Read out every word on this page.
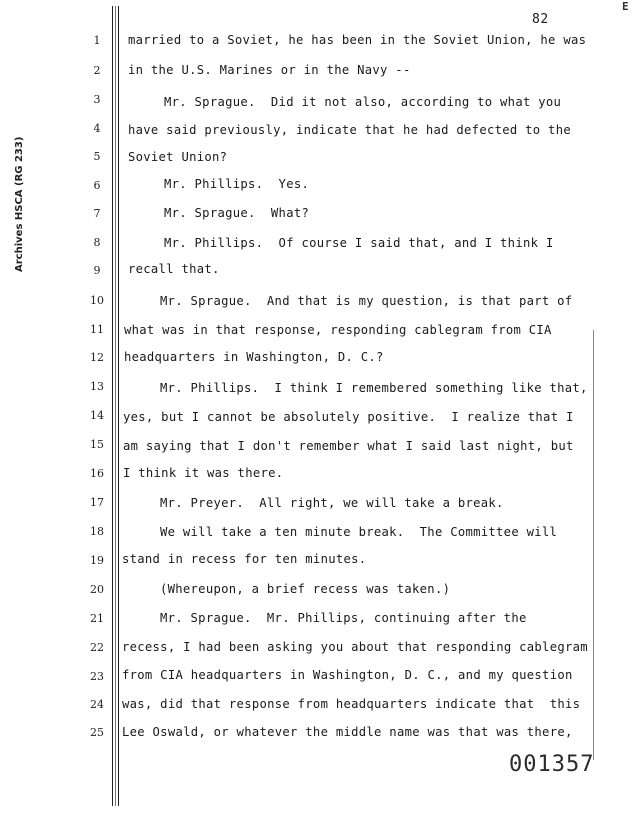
82
E
Archives HSCA (RG 233)
1
2
3
4
5
6
7
8
9
10
11
12
13
14
15
16
17
18
19
20
21
22
23
24
25
married to a Soviet, he has been in the Soviet Union, he was
in the U.S. Marines or in the Navy --
Mr. Sprague.  Did it not also, according to what you
have said previously, indicate that he had defected to the
Soviet Union?
Mr. Phillips.  Yes.
Mr. Sprague.  What?
Mr. Phillips.  Of course I said that, and I think I
recall that.
Mr. Sprague.  And that is my question, is that part of
what was in that response, responding cablegram from CIA
headquarters in Washington, D. C.?
Mr. Phillips.  I think I remembered something like that,
yes, but I cannot be absolutely positive.  I realize that I
am saying that I don't remember what I said last night, but
I think it was there.
Mr. Preyer.  All right, we will take a break.
We will take a ten minute break.  The Committee will
stand in recess for ten minutes.
(Whereupon, a brief recess was taken.)
Mr. Sprague.  Mr. Phillips, continuing after the
recess, I had been asking you about that responding cablegram
from CIA headquarters in Washington, D. C., and my question
was, did that response from headquarters indicate that  this
Lee Oswald, or whatever the middle name was that was there,
001357
